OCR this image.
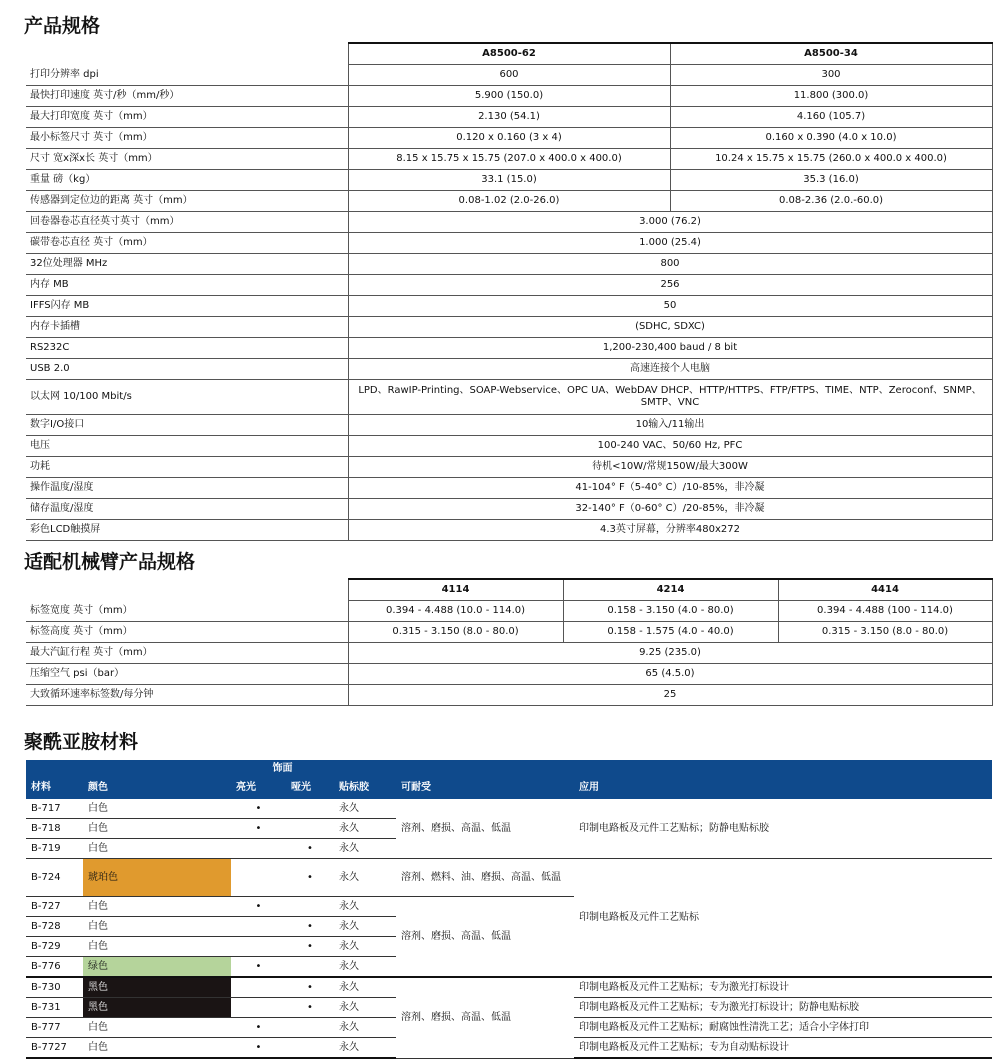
产品规格
	A8500-62	A8500-34
打印分辨率 dpi	600	300
最快打印速度 英寸/秒（mm/秒）	5.900 (150.0)	11.800 (300.0)
最大打印宽度 英寸（mm）	2.130 (54.1)	4.160 (105.7)
最小标签尺寸 英寸（mm）	0.120 x 0.160 (3 x 4)	0.160 x 0.390 (4.0 x 10.0)
尺寸 宽x深x长 英寸（mm）	8.15 x 15.75 x 15.75 (207.0 x 400.0 x 400.0)	10.24 x 15.75 x 15.75 (260.0 x 400.0 x 400.0)
重量 磅（kg）	33.1 (15.0)	35.3 (16.0)
传感器到定位边的距离 英寸（mm）	0.08-1.02 (2.0-26.0)	0.08-2.36 (2.0.-60.0)
回卷器卷芯直径英寸英寸（mm）	3.000 (76.2)	
碳带卷芯直径 英寸（mm）	1.000 (25.4)	
32位处理器 MHz	800	
内存 MB	256	
IFFS闪存 MB	50	
内存卡插槽	(SDHC, SDXC)	
RS232C	1,200-230,400 baud / 8 bit	
USB 2.0	高速连接个人电脑	
以太网 10/100 Mbit/s	LPD、RawIP-Printing、SOAP-Webservice、OPC UA、WebDAV DHCP、HTTP/HTTPS、FTP/FTPS、TIME、NTP、Zeroconf、SNMP、SMTP、VNC	
数字I/O接口	10输入/11输出	
电压	100-240 VAC、50/60 Hz, PFC	
功耗	待机<10W/常规150W/最大300W	
操作温度/湿度	41-104° F（5-40° C）/10-85%，非冷凝	
储存温度/湿度	32-140° F（0-60° C）/20-85%，非冷凝	
彩色LCD触摸屏	4.3英寸屏幕，分辨率480x272	
适配机械臂产品规格
	4114	4214	4414
标签宽度 英寸（mm）	0.394 - 4.488 (10.0 - 114.0)	0.158 - 3.150 (4.0 - 80.0)	0.394 - 4.488 (100 - 114.0)
标签高度 英寸（mm）	0.315 - 3.150 (8.0 - 80.0)	0.158 - 1.575 (4.0 - 40.0)	0.315 - 3.150 (8.0 - 80.0)
最大汽缸行程 英寸（mm）	9.25 (235.0)		
压缩空气 psi（bar）	65 (4.5.0)		
大致循环速率标签数/每分钟	25		
聚酰亚胺材料
		饰面				
材料	颜色	亮光	哑光	贴标胶	可耐受	应用
B-717	白色	•		永久	溶剂、磨损、高温、低温	印制电路板及元件工艺贴标；防静电贴标胶
B-718	白色	•		永久		
B-719	白色		•	永久		
B-724	琥珀色		•	永久	溶剂、燃料、油、磨损、高温、低温	印制电路板及元件工艺贴标
B-727	白色	•		永久	溶剂、磨损、高温、低温	
B-728	白色		•	永久		
B-729	白色		•	永久		
B-776	绿色	•		永久		
B-730	黑色		•	永久	溶剂、磨损、高温、低温	印制电路板及元件工艺贴标；专为激光打标设计
B-731	黑色		•	永久		印制电路板及元件工艺贴标；专为激光打标设计；防静电贴标胶
B-777	白色	•		永久		印制电路板及元件工艺贴标；耐腐蚀性清洗工艺；适合小字体打印
B-7727	白色	•		永久		印制电路板及元件工艺贴标；专为自动贴标设计
